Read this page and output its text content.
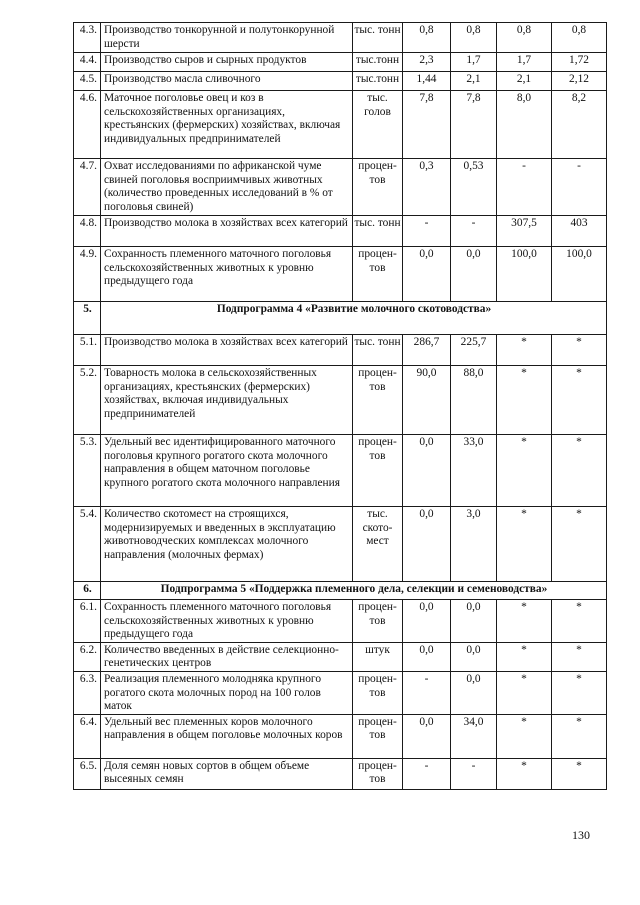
4.3.	Производство тонкорунной и полутонкорунной шерсти	тыс. тонн	0,8	0,8	0,8	0,8
4.4.	Производство сыров и сырных продуктов	тыс.тонн	2,3	1,7	1,7	1,72
4.5.	Производство масла сливочного	тыс.тонн	1,44	2,1	2,1	2,12
4.6.	Маточное поголовье овец и коз в сельскохозяйственных организациях, крестьянских (фермерских) хозяйствах, включая индивидуальных предпринимателей	тыс. голов	7,8	7,8	8,0	8,2
4.7.	Охват исследованиями по африканской чуме свиней поголовья восприимчивых животных (количество проведенных исследований в % от поголовья свиней)	процен-тов	0,3	0,53	-	-
4.8.	Производство молока в хозяйствах всех категорий	тыс. тонн	-	-	307,5	403
4.9.	Сохранность племенного маточного поголовья сельскохозяйственных животных к уровню предыдущего года	процен-тов	0,0	0,0	100,0	100,0
5.	Подпрограмма 4 «Развитие молочного скотоводства»					
5.1.	Производство молока в хозяйствах всех категорий	тыс. тонн	286,7	225,7	*	*
5.2.	Товарность молока в сельскохозяйственных организациях, крестьянских (фермерских) хозяйствах, включая индивидуальных предпринимателей	процен-тов	90,0	88,0	*	*
5.3.	Удельный вес идентифицированного маточного поголовья крупного рогатого скота молочного направления в общем маточном поголовье крупного рогатого скота молочного направления	процен-тов	0,0	33,0	*	*
5.4.	Количество скотомест на строящихся, модернизируемых и введенных в эксплуатацию животноводческих комплексах молочного направления (молочных фермах)	тыс. ското-мест	0,0	3,0	*	*
6.	Подпрограмма 5 «Поддержка племенного дела, селекции и семеноводства»					
6.1.	Сохранность племенного маточного поголовья сельскохозяйственных животных к уровню предыдущего года	процен-тов	0,0	0,0	*	*
6.2.	Количество введенных в действие селекционно-генетических центров	штук	0,0	0,0	*	*
6.3.	Реализация племенного молодняка крупного рогатого скота молочных пород на 100 голов маток	процен-тов	-	0,0	*	*
6.4.	Удельный вес племенных коров молочного направления в общем поголовье молочных коров	процен-тов	0,0	34,0	*	*
6.5.	Доля семян новых сортов в общем объеме высеяных семян	процен-тов	-	-	*	*
130
